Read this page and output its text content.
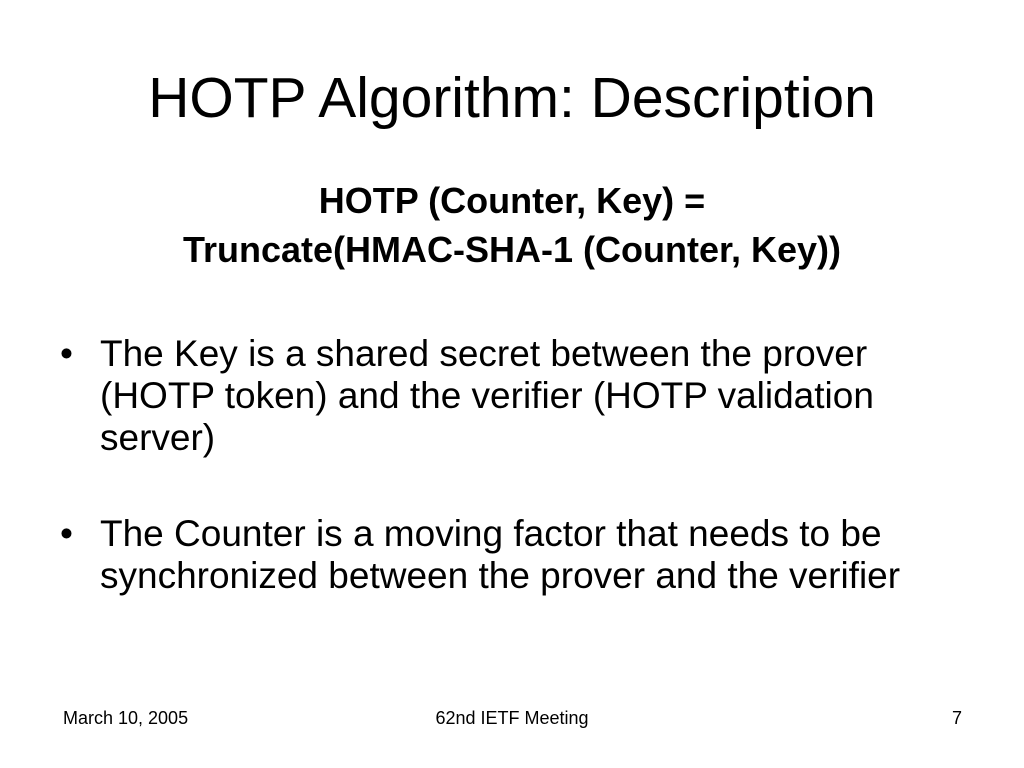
HOTP Algorithm: Description
HOTP (Counter, Key) =
Truncate(HMAC-SHA-1 (Counter, Key))
• The Key is a shared secret between the prover (HOTP token) and the verifier (HOTP validation server)
• The Counter is a moving factor that needs to be synchronized between the prover and the verifier
March 10, 2005	62nd IETF Meeting	7
